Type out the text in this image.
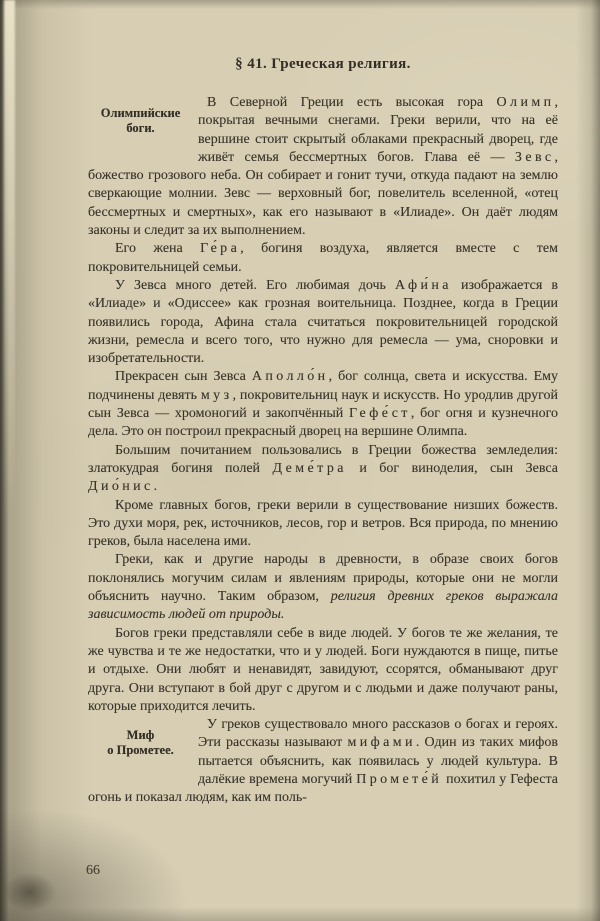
§ 41. Греческая религия.

Олимпийские
боги.
В Северной Греции есть высокая гора Олимп, покрытая вечными снегами. Греки верили, что на её вершине стоит скрытый облаками прекрасный дворец, где живёт семья бессмертных богов. Глава её — Зевс, божество грозового неба. Он собирает и гонит тучи, откуда падают на землю сверкающие молнии. Зевс — верховный бог, повелитель вселенной, «отец бессмертных и смертных», как его называют в «Илиаде». Он даёт людям законы и следит за их выполнением.

Его жена Ге́ра, богиня воздуха, является вместе с тем покровительницей семьи.

У Зевса много детей. Его любимая дочь Афи́на изображается в «Илиаде» и «Одиссее» как грозная воительница. Позднее, когда в Греции появились города, Афина стала считаться покровительницей городской жизни, ремесла и всего того, что нужно для ремесла — ума, сноровки и изобретательности.

Прекрасен сын Зевса Аполло́н, бог солнца, света и искусства. Ему подчинены девять муз, покровительниц наук и искусств. Но уродлив другой сын Зевса — хромоногий и закопчённый Гефе́ст, бог огня и кузнечного дела. Это он построил прекрасный дворец на вершине Олимпа.

Большим почитанием пользовались в Греции божества земледелия: златокудрая богиня полей Деме́тра и бог виноделия, сын Зевса Дио́нис.

Кроме главных богов, греки верили в существование низших божеств. Это духи моря, рек, источников, лесов, гор и ветров. Вся природа, по мнению греков, была населена ими.

Греки, как и другие народы в древности, в образе своих богов поклонялись могучим силам и явлениям природы, которые они не могли объяснить научно. Таким образом, религия древних греков выражала зависимость людей от природы.

Богов греки представляли себе в виде людей. У богов те же желания, те же чувства и те же недостатки, что и у людей. Боги нуждаются в пище, питье и отдыхе. Они любят и ненавидят, завидуют, ссорятся, обманывают друг друга. Они вступают в бой друг с другом и с людьми и даже получают раны, которые приходится лечить.

Миф
о Прометее.
У греков существовало много рассказов о богах и героях. Эти рассказы называют мифами. Один из таких мифов пытается объяснить, как появилась у людей культура. В далёкие времена могучий Промете́й похитил у Гефеста огонь и показал людям, как им поль-

66
